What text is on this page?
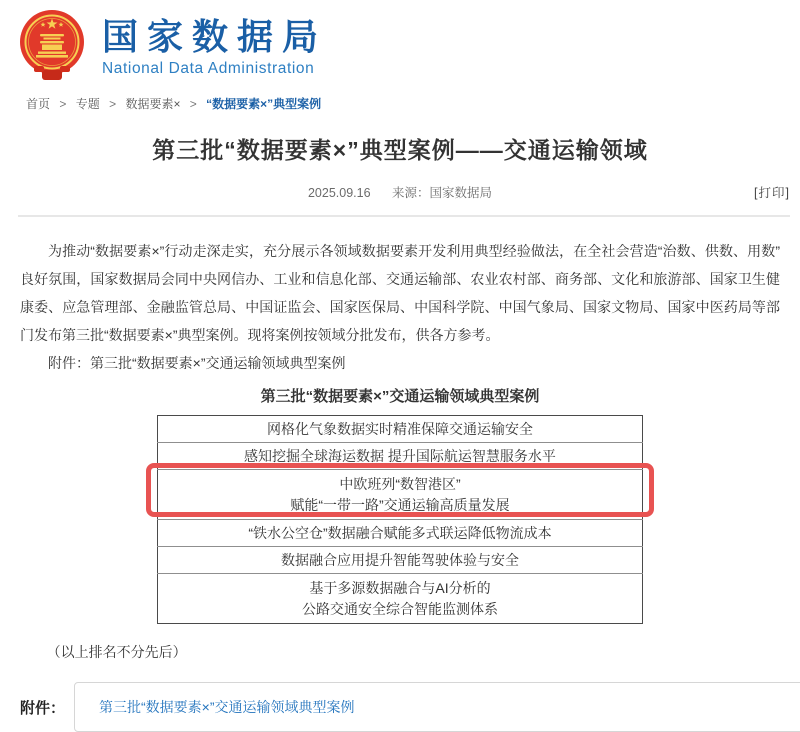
国家数据局
National Data Administration
首页 > 专题 > 数据要素× > “数据要素×”典型案例
第三批“数据要素×”典型案例——交通运输领域
2025.09.16 来源：国家数据局	[打印]

为推动“数据要素×”行动走深走实，充分展示各领域数据要素开发利用典型经验做法，在全社会营造“治数、供数、用数”良好氛围，国家数据局会同中央网信办、工业和信息化部、交通运输部、农业农村部、商务部、文化和旅游部、国家卫生健康委、应急管理部、金融监管总局、中国证监会、国家医保局、中国科学院、中国气象局、国家文物局、国家中医药局等部门发布第三批“数据要素×”典型案例。现将案例按领域分批发布，供各方参考。

附件：第三批“数据要素×”交通运输领域典型案例

第三批“数据要素×”交通运输领域典型案例
网格化气象数据实时精准保障交通运输安全
感知挖掘全球海运数据 提升国际航运智慧服务水平
中欧班列“数智港区”
赋能“一带一路”交通运输高质量发展
“铁水公空仓”数据融合赋能多式联运降低物流成本
数据融合应用提升智能驾驶体验与安全
基于多源数据融合与AI分析的
公路交通安全综合智能监测体系
（以上排名不分先后）
附件：	第三批“数据要素×”交通运输领域典型案例
